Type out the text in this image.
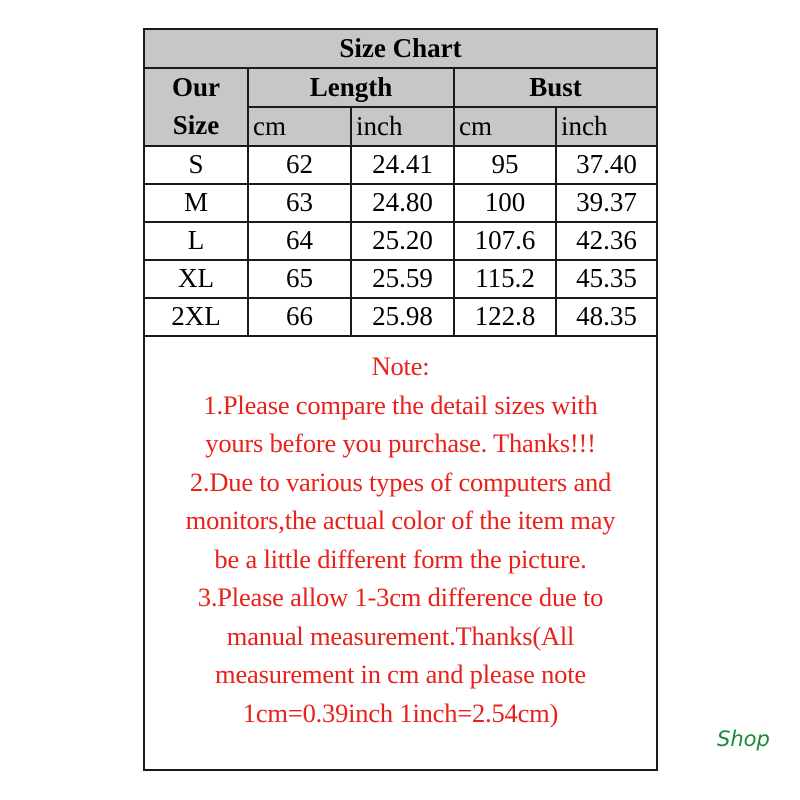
Size Chart				
Our
Size	Length		Bust	
	cm	inch	cm	inch
S	62	24.41	95	37.40
M	63	24.80	100	39.37
L	64	25.20	107.6	42.36
XL	65	25.59	115.2	45.35
2XL	66	25.98	122.8	48.35
Note:
1.Please compare the detail sizes with
yours before you purchase. Thanks!!!
2.Due to various types of computers and
monitors,the actual color of the item may
be a little different form the picture.
3.Please allow 1-3cm difference due to
manual measurement.Thanks(All
measurement in cm and please note
1cm=0.39inch 1inch=2.54cm)
Shop
